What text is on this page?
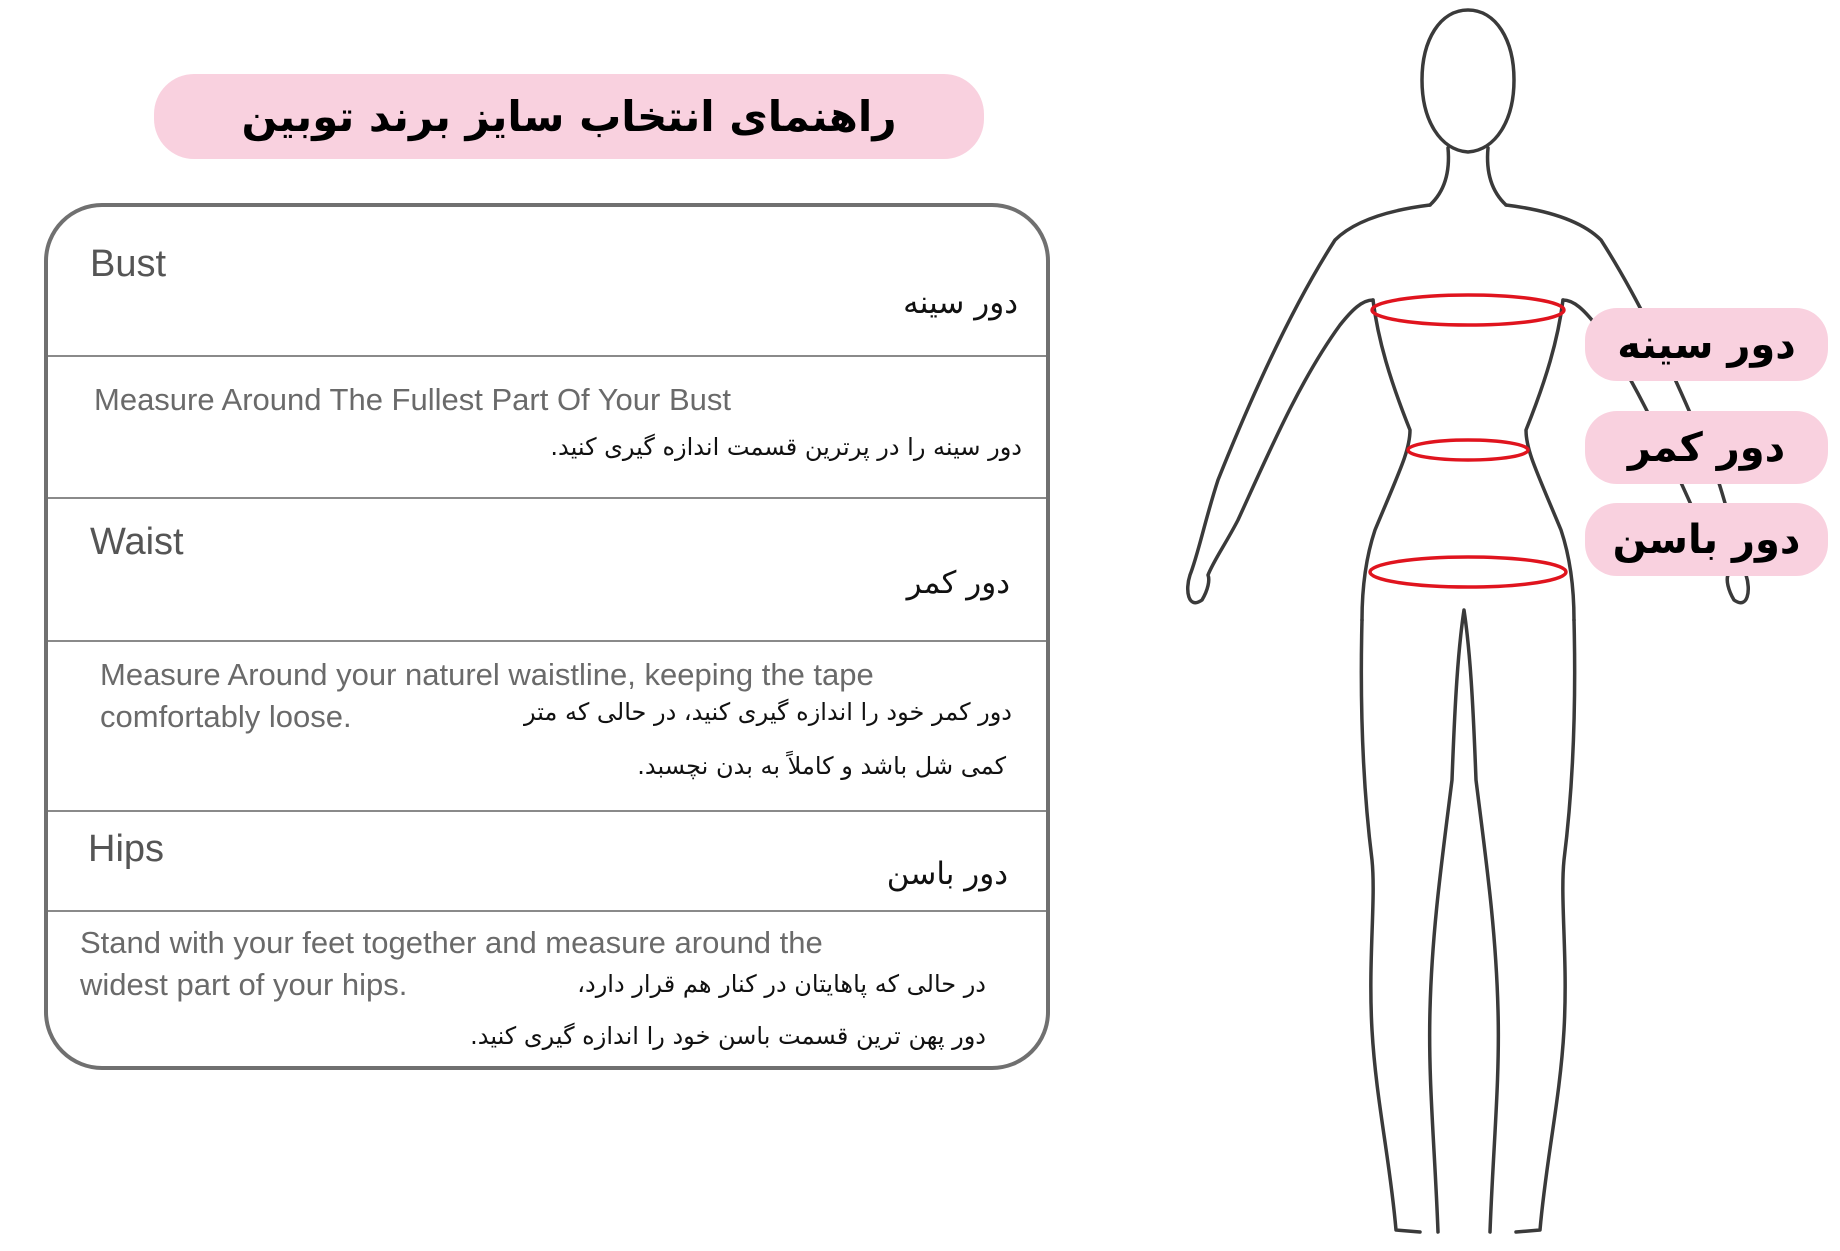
راهنمای انتخاب سایز برند توبین
Bust
دور سینه
Measure Around The Fullest Part Of Your Bust
دور سینه را در پرترین قسمت اندازه گیری کنید.
Waist
دور کمر
Measure Around your naturel waistline, keeping the tape
comfortably loose.	دور کمر خود را اندازه گیری کنید، در حالی که متر
کمی شل باشد و کاملاً به بدن نچسبد.
Hips
دور باسن
Stand with your feet together and measure around the
widest part of your hips.	در حالی که پاهایتان در کنار هم قرار دارد،
دور پهن ترین قسمت باسن خود را اندازه گیری کنید.
دور سینه
دور کمر
دور باسن
